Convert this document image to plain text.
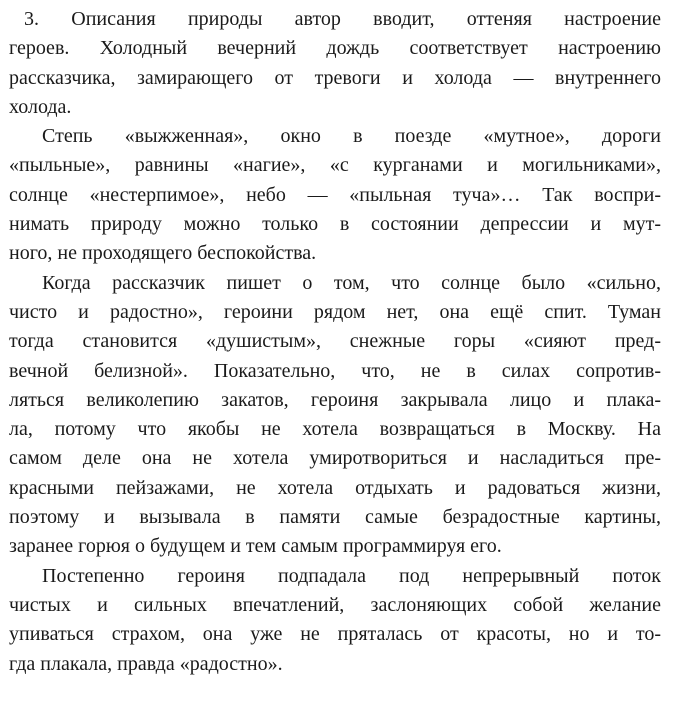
3. Описания природы автор вводит, оттеняя настроение
героев. Холодный вечерний дождь соответствует настроению
рассказчика, замирающего от тревоги и холода — внутреннего
холода.

Степь «выжженная», окно в поезде «мутное», дороги
«пыльные», равнины «нагие», «с курганами и могильниками»,
солнце «нестерпимое», небо — «пыльная туча»… Так воспри-
нимать природу можно только в состоянии депрессии и мут-
ного, не проходящего беспокойства.

Когда рассказчик пишет о том, что солнце было «сильно,
чисто и радостно», героини рядом нет, она ещё спит. Туман
тогда становится «душистым», снежные горы «сияют пред-
вечной белизной». Показательно, что, не в силах сопротив-
ляться великолепию закатов, героиня закрывала лицо и плака-
ла, потому что якобы не хотела возвращаться в Москву. На
самом деле она не хотела умиротвориться и насладиться пре-
красными пейзажами, не хотела отдыхать и радоваться жизни,
поэтому и вызывала в памяти самые безрадостные картины,
заранее горюя о будущем и тем самым программируя его.

Постепенно героиня подпадала под непрерывный поток
чистых и сильных впечатлений, заслоняющих собой желание
упиваться страхом, она уже не пряталась от красоты, но и то-
гда плакала, правда «радостно».
